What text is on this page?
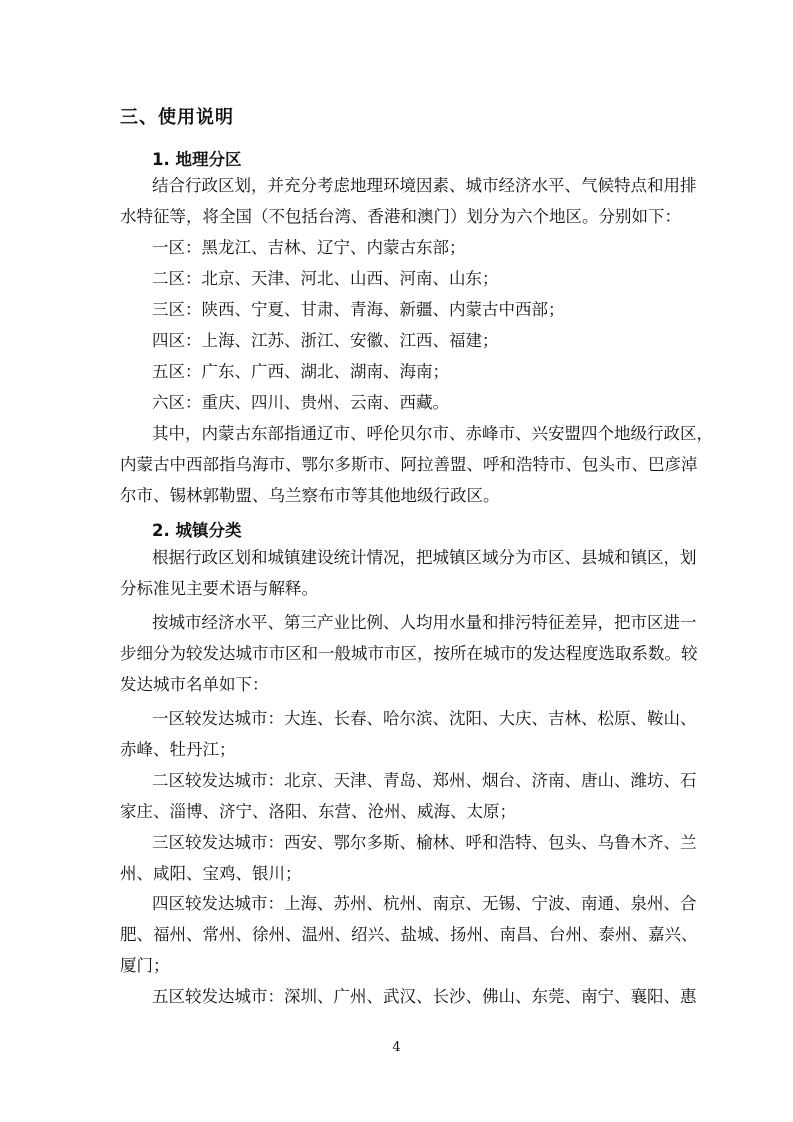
三、使用说明
1. 地理分区
结合行政区划，并充分考虑地理环境因素、城市经济水平、气候特点和用排
水特征等，将全国（不包括台湾、香港和澳门）划分为六个地区。分别如下：
一区：黑龙江、吉林、辽宁、内蒙古东部；
二区：北京、天津、河北、山西、河南、山东；
三区：陕西、宁夏、甘肃、青海、新疆、内蒙古中西部；
四区：上海、江苏、浙江、安徽、江西、福建；
五区：广东、广西、湖北、湖南、海南；
六区：重庆、四川、贵州、云南、西藏。
其中，内蒙古东部指通辽市、呼伦贝尔市、赤峰市、兴安盟四个地级行政区，
内蒙古中西部指乌海市、鄂尔多斯市、阿拉善盟、呼和浩特市、包头市、巴彦淖
尔市、锡林郭勒盟、乌兰察布市等其他地级行政区。
2. 城镇分类
根据行政区划和城镇建设统计情况，把城镇区域分为市区、县城和镇区，划
分标准见主要术语与解释。
按城市经济水平、第三产业比例、人均用水量和排污特征差异，把市区进一
步细分为较发达城市市区和一般城市市区，按所在城市的发达程度选取系数。较
发达城市名单如下：
一区较发达城市：大连、长春、哈尔滨、沈阳、大庆、吉林、松原、鞍山、
赤峰、牡丹江；
二区较发达城市：北京、天津、青岛、郑州、烟台、济南、唐山、潍坊、石
家庄、淄博、济宁、洛阳、东营、沧州、威海、太原；
三区较发达城市：西安、鄂尔多斯、榆林、呼和浩特、包头、乌鲁木齐、兰
州、咸阳、宝鸡、银川；
四区较发达城市：上海、苏州、杭州、南京、无锡、宁波、南通、泉州、合
肥、福州、常州、徐州、温州、绍兴、盐城、扬州、南昌、台州、泰州、嘉兴、
厦门；
五区较发达城市：深圳、广州、武汉、长沙、佛山、东莞、南宁、襄阳、惠
4
